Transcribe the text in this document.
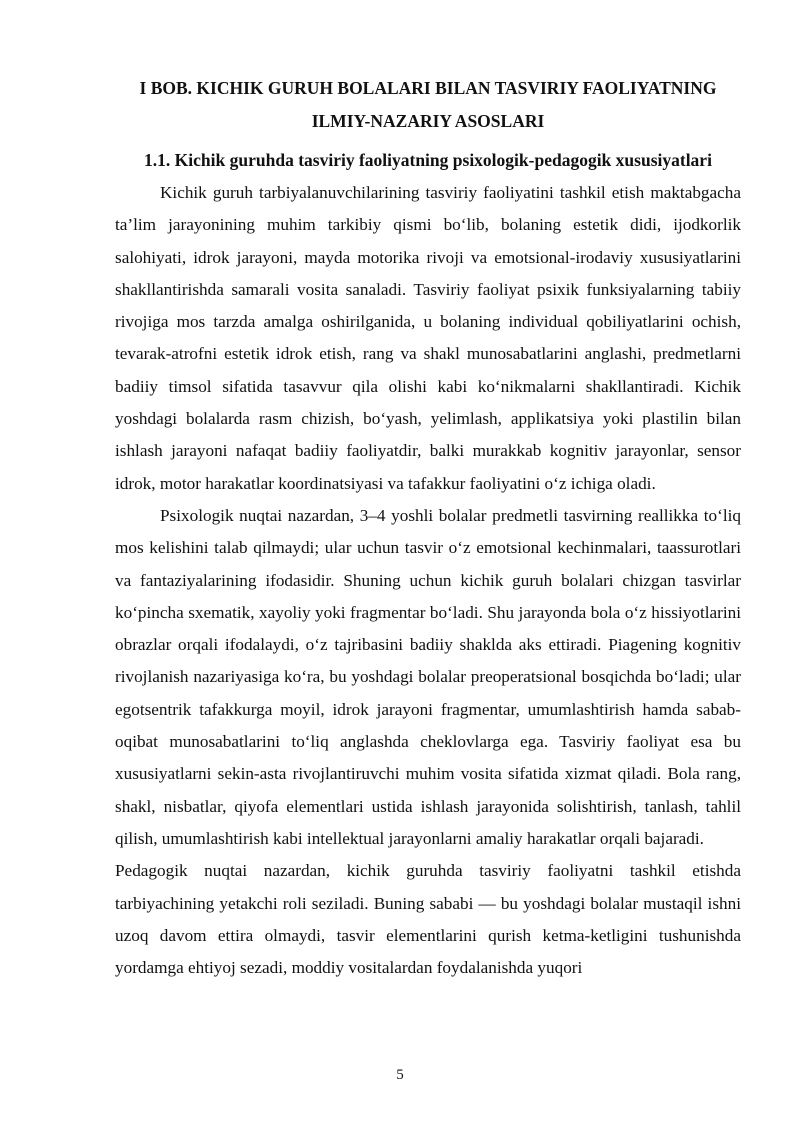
I BOB. KICHIK GURUH BOLALARI BILAN TASVIRIY FAOLIYATNING ILMIY-NAZARIY ASOSLARI
1.1. Kichik guruhda tasviriy faoliyatning psixologik-pedagogik xususiyatlari

Kichik guruh tarbiyalanuvchilarining tasviriy faoliyatini tashkil etish maktabgacha ta’lim jarayonining muhim tarkibiy qismi bo‘lib, bolaning estetik didi, ijodkorlik salohiyati, idrok jarayoni, mayda motorika rivoji va emotsional-irodaviy xususiyatlarini shakllantirishda samarali vosita sanaladi. Tasviriy faoliyat psixik funksiyalarning tabiiy rivojiga mos tarzda amalga oshirilganida, u bolaning individual qobiliyatlarini ochish, tevarak-atrofni estetik idrok etish, rang va shakl munosabatlarini anglashi, predmetlarni badiiy timsol sifatida tasavvur qila olishi kabi ko‘nikmalarni shakllantiradi. Kichik yoshdagi bolalarda rasm chizish, bo‘yash, yelimlash, applikatsiya yoki plastilin bilan ishlash jarayoni nafaqat badiiy faoliyatdir, balki murakkab kognitiv jarayonlar, sensor idrok, motor harakatlar koordinatsiyasi va tafakkur faoliyatini o‘z ichiga oladi.

Psixologik nuqtai nazardan, 3–4 yoshli bolalar predmetli tasvirning reallikka to‘liq mos kelishini talab qilmaydi; ular uchun tasvir o‘z emotsional kechinmalari, taassurotlari va fantaziyalarining ifodasidir. Shuning uchun kichik guruh bolalari chizgan tasvirlar ko‘pincha sxematik, xayoliy yoki fragmentar bo‘ladi. Shu jarayonda bola o‘z hissiyotlarini obrazlar orqali ifodalaydi, o‘z tajribasini badiiy shaklda aks ettiradi. Piagening kognitiv rivojlanish nazariyasiga ko‘ra, bu yoshdagi bolalar preoperatsional bosqichda bo‘ladi; ular egotsentrik tafakkurga moyil, idrok jarayoni fragmentar, umumlashtirish hamda sabab-oqibat munosabatlarini to‘liq anglashda cheklovlarga ega. Tasviriy faoliyat esa bu xususiyatlarni sekin-asta rivojlantiruvchi muhim vosita sifatida xizmat qiladi. Bola rang, shakl, nisbatlar, qiyofa elementlari ustida ishlash jarayonida solishtirish, tanlash, tahlil qilish, umumlashtirish kabi intellektual jarayonlarni amaliy harakatlar orqali bajaradi.

Pedagogik nuqtai nazardan, kichik guruhda tasviriy faoliyatni tashkil etishda tarbiyachining yetakchi roli seziladi. Buning sababi — bu yoshdagi bolalar mustaqil ishni uzoq davom ettira olmaydi, tasvir elementlarini qurish ketma-ketligini tushunishda yordamga ehtiyoj sezadi, moddiy vositalardan foydalanishda yuqori

5
